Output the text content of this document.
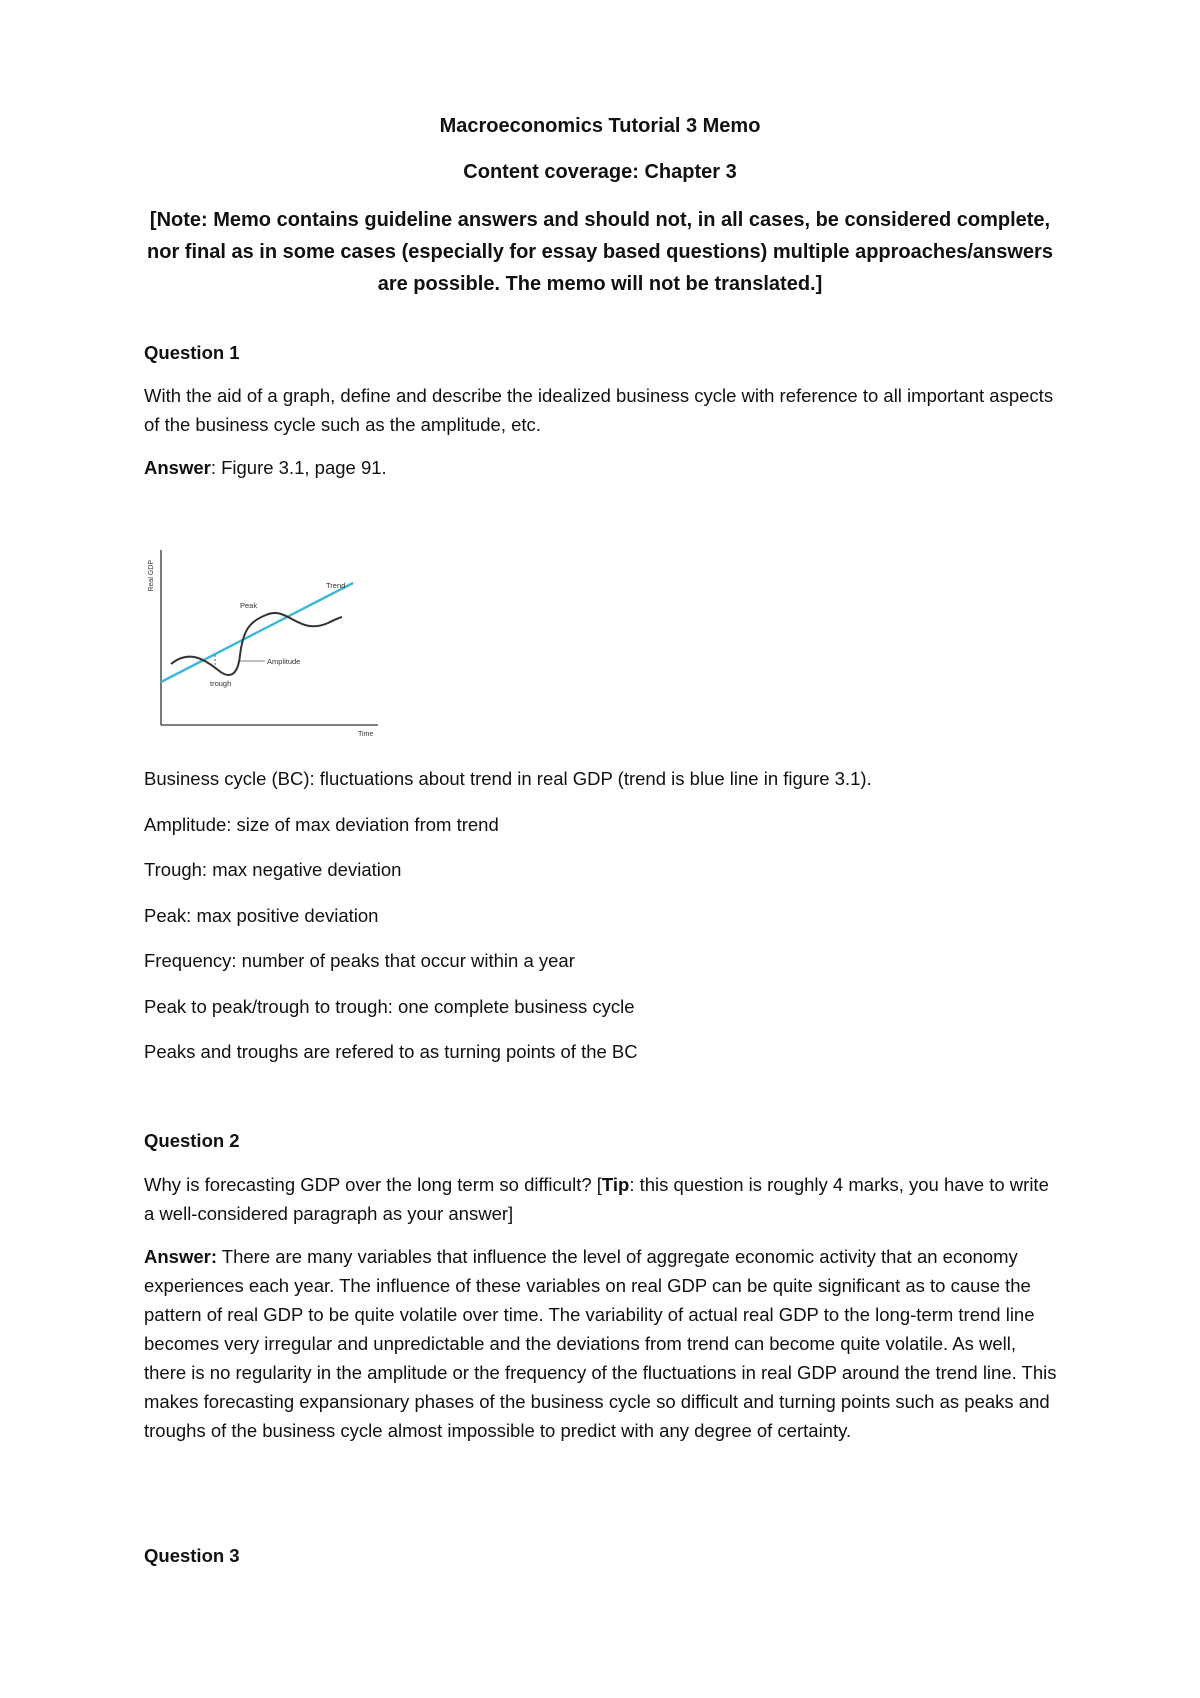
Macroeconomics Tutorial 3 Memo

Content coverage: Chapter 3

[Note: Memo contains guideline answers and should not, in all cases, be considered complete, nor final as in some cases (especially for essay based questions) multiple approaches/answers are possible. The memo will not be translated.]

Question 1

With the aid of a graph, define and describe the idealized business cycle with reference to all important aspects of the business cycle such as the amplitude, etc.

Answer: Figure 3.1, page 91.

Real GDP
Time
Trend
Peak
Amplitude
trough

Business cycle (BC): fluctuations about trend in real GDP (trend is blue line in figure 3.1).

Amplitude: size of max deviation from trend

Trough: max negative deviation

Peak: max positive deviation

Frequency: number of peaks that occur within a year

Peak to peak/trough to trough: one complete business cycle

Peaks and troughs are refered to as turning points of the BC

Question 2

Why is forecasting GDP over the long term so difficult? [Tip: this question is roughly 4 marks, you have to write a well-considered paragraph as your answer]

Answer: There are many variables that influence the level of aggregate economic activity that an economy experiences each year. The influence of these variables on real GDP can be quite significant as to cause the pattern of real GDP to be quite volatile over time. The variability of actual real GDP to the long-term trend line becomes very irregular and unpredictable and the deviations from trend can become quite volatile. As well, there is no regularity in the amplitude or the frequency of the fluctuations in real GDP around the trend line. This makes forecasting expansionary phases of the business cycle so difficult and turning points such as peaks and troughs of the business cycle almost impossible to predict with any degree of certainty.

Question 3
